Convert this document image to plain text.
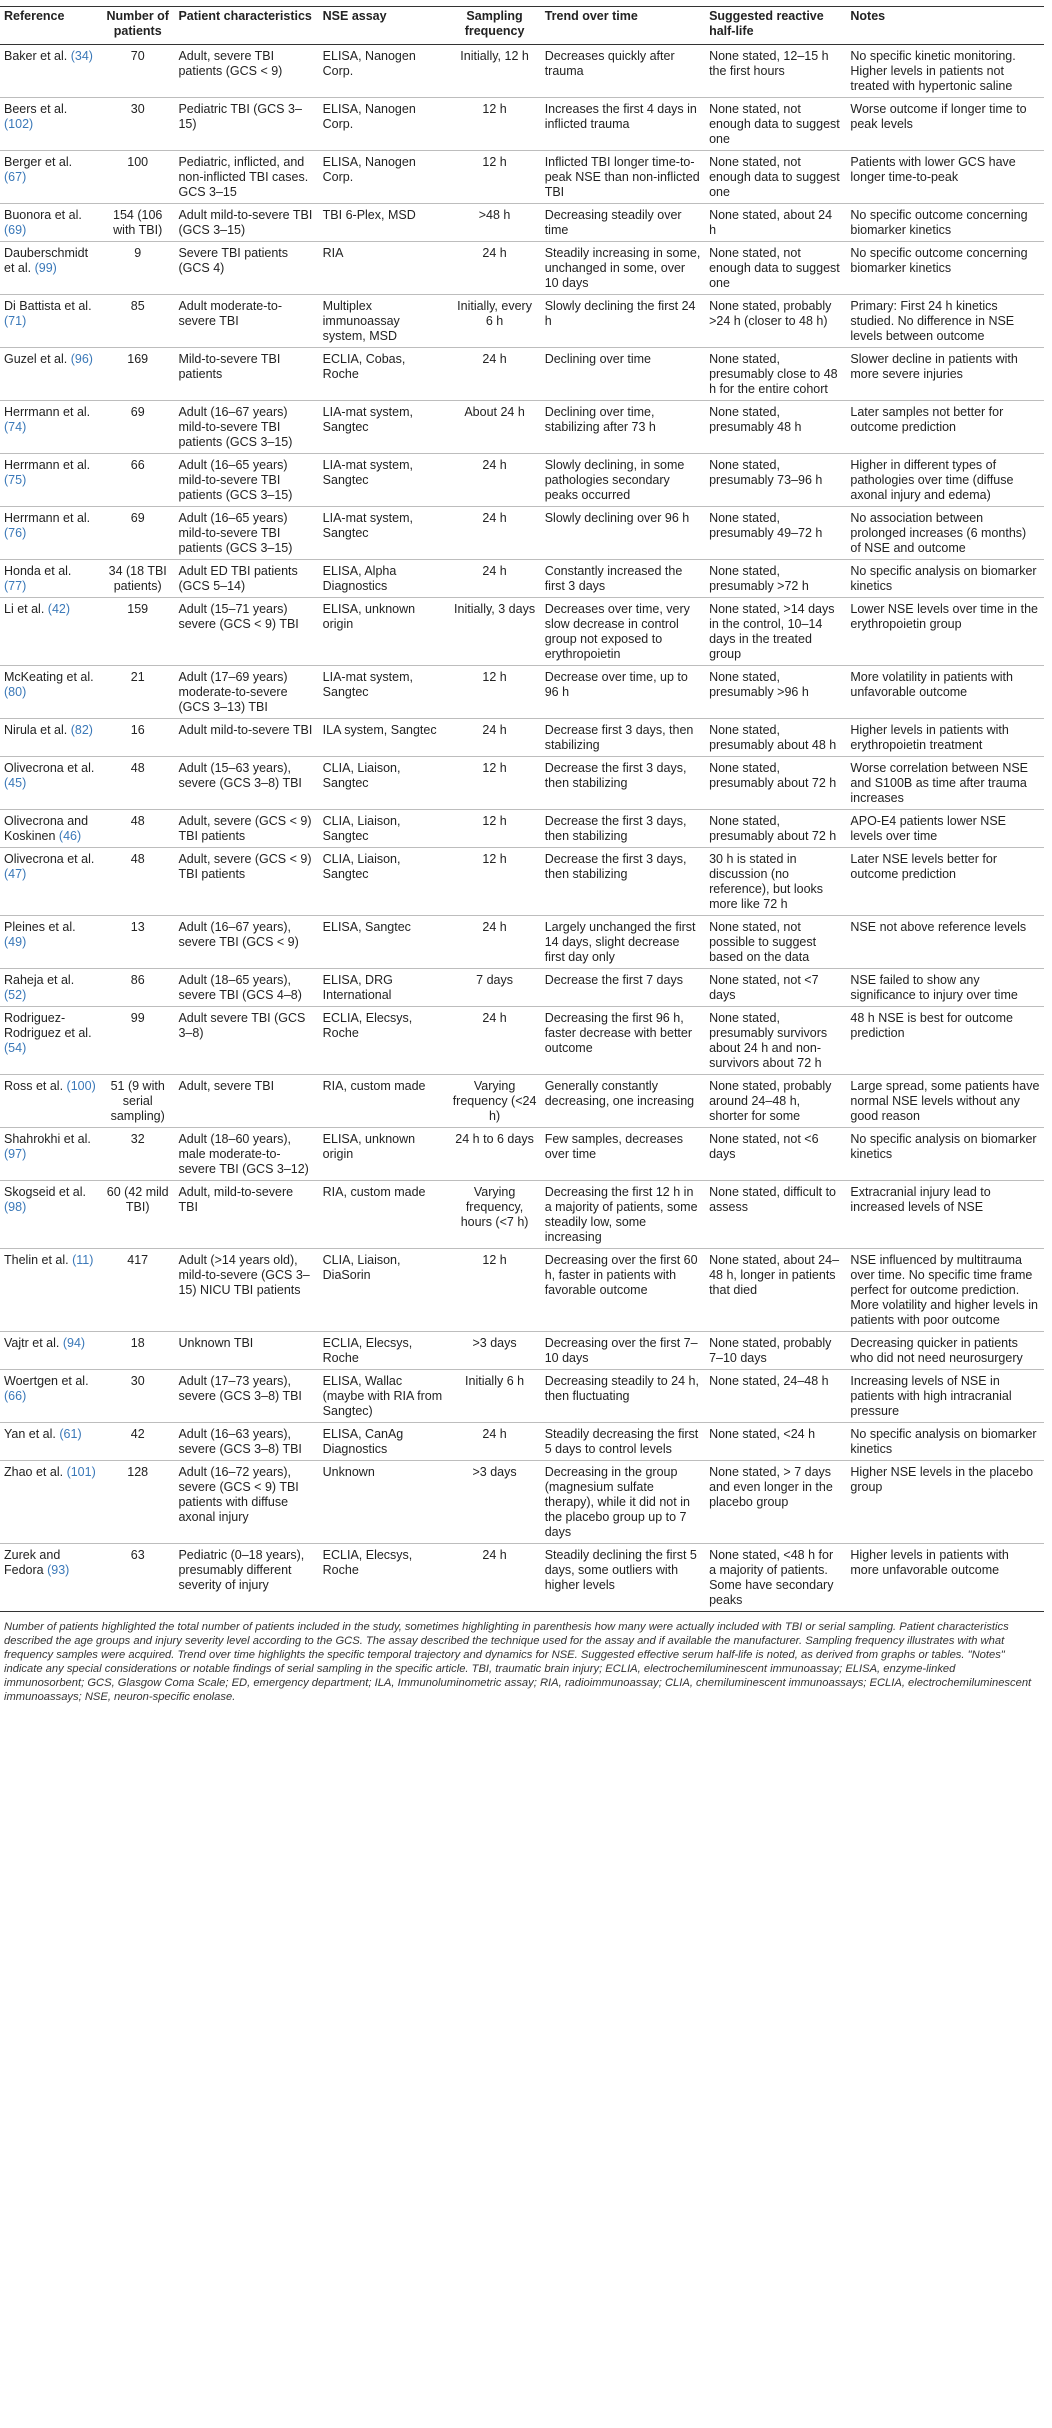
Reference	Number of patients	Patient characteristics	NSE assay	Sampling frequency	Trend over time	Suggested reactive half-life	Notes
Baker et al. (34)	70	Adult, severe TBI patients (GCS < 9)	ELISA, Nanogen Corp.	Initially, 12 h	Decreases quickly after trauma	None stated, 12–15 h the first hours	No specific kinetic monitoring. Higher levels in patients not treated with hypertonic saline
Beers et al. (102)	30	Pediatric TBI (GCS 3–15)	ELISA, Nanogen Corp.	12 h	Increases the first 4 days in inflicted trauma	None stated, not enough data to suggest one	Worse outcome if longer time to peak levels
Berger et al. (67)	100	Pediatric, inflicted, and non-inflicted TBI cases. GCS 3–15	ELISA, Nanogen Corp.	12 h	Inflicted TBI longer time-to-peak NSE than non-inflicted TBI	None stated, not enough data to suggest one	Patients with lower GCS have longer time-to-peak
Buonora et al. (69)	154 (106 with TBI)	Adult mild-to-severe TBI (GCS 3–15)	TBI 6-Plex, MSD	>48 h	Decreasing steadily over time	None stated, about 24 h	No specific outcome concerning biomarker kinetics
Dauberschmidt et al. (99)	9	Severe TBI patients (GCS 4)	RIA	24 h	Steadily increasing in some, unchanged in some, over 10 days	None stated, not enough data to suggest one	No specific outcome concerning biomarker kinetics
Di Battista et al. (71)	85	Adult moderate-to-severe TBI	Multiplex immunoassay system, MSD	Initially, every 6 h	Slowly declining the first 24 h	None stated, probably >24 h (closer to 48 h)	Primary: First 24 h kinetics studied. No difference in NSE levels between outcome
Guzel et al. (96)	169	Mild-to-severe TBI patients	ECLIA, Cobas, Roche	24 h	Declining over time	None stated, presumably close to 48 h for the entire cohort	Slower decline in patients with more severe injuries
Herrmann et al. (74)	69	Adult (16–67 years) mild-to-severe TBI patients (GCS 3–15)	LIA-mat system, Sangtec	About 24 h	Declining over time, stabilizing after 73 h	None stated, presumably 48 h	Later samples not better for outcome prediction
Herrmann et al. (75)	66	Adult (16–65 years) mild-to-severe TBI patients (GCS 3–15)	LIA-mat system, Sangtec	24 h	Slowly declining, in some pathologies secondary peaks occurred	None stated, presumably 73–96 h	Higher in different types of pathologies over time (diffuse axonal injury and edema)
Herrmann et al. (76)	69	Adult (16–65 years) mild-to-severe TBI patients (GCS 3–15)	LIA-mat system, Sangtec	24 h	Slowly declining over 96 h	None stated, presumably 49–72 h	No association between prolonged increases (6 months) of NSE and outcome
Honda et al. (77)	34 (18 TBI patients)	Adult ED TBI patients (GCS 5–14)	ELISA, Alpha Diagnostics	24 h	Constantly increased the first 3 days	None stated, presumably >72 h	No specific analysis on biomarker kinetics
Li et al. (42)	159	Adult (15–71 years) severe (GCS < 9) TBI	ELISA, unknown origin	Initially, 3 days	Decreases over time, very slow decrease in control group not exposed to erythropoietin	None stated, >14 days in the control, 10–14 days in the treated group	Lower NSE levels over time in the erythropoietin group
McKeating et al. (80)	21	Adult (17–69 years) moderate-to-severe (GCS 3–13) TBI	LIA-mat system, Sangtec	12 h	Decrease over time, up to 96 h	None stated, presumably >96 h	More volatility in patients with unfavorable outcome
Nirula et al. (82)	16	Adult mild-to-severe TBI	ILA system, Sangtec	24 h	Decrease first 3 days, then stabilizing	None stated, presumably about 48 h	Higher levels in patients with erythropoietin treatment
Olivecrona et al. (45)	48	Adult (15–63 years), severe (GCS 3–8) TBI	CLIA, Liaison, Sangtec	12 h	Decrease the first 3 days, then stabilizing	None stated, presumably about 72 h	Worse correlation between NSE and S100B as time after trauma increases
Olivecrona and Koskinen (46)	48	Adult, severe (GCS < 9) TBI patients	CLIA, Liaison, Sangtec	12 h	Decrease the first 3 days, then stabilizing	None stated, presumably about 72 h	APO-E4 patients lower NSE levels over time
Olivecrona et al. (47)	48	Adult, severe (GCS < 9) TBI patients	CLIA, Liaison, Sangtec	12 h	Decrease the first 3 days, then stabilizing	30 h is stated in discussion (no reference), but looks more like 72 h	Later NSE levels better for outcome prediction
Pleines et al. (49)	13	Adult (16–67 years), severe TBI (GCS < 9)	ELISA, Sangtec	24 h	Largely unchanged the first 14 days, slight decrease first day only	None stated, not possible to suggest based on the data	NSE not above reference levels
Raheja et al. (52)	86	Adult (18–65 years), severe TBI (GCS 4–8)	ELISA, DRG International	7 days	Decrease the first 7 days	None stated, not <7 days	NSE failed to show any significance to injury over time
Rodriguez-Rodriguez et al. (54)	99	Adult severe TBI (GCS 3–8)	ECLIA, Elecsys, Roche	24 h	Decreasing the first 96 h, faster decrease with better outcome	None stated, presumably survivors about 24 h and non-survivors about 72 h	48 h NSE is best for outcome prediction
Ross et al. (100)	51 (9 with serial sampling)	Adult, severe TBI	RIA, custom made	Varying frequency (<24 h)	Generally constantly decreasing, one increasing	None stated, probably around 24–48 h, shorter for some	Large spread, some patients have normal NSE levels without any good reason
Shahrokhi et al. (97)	32	Adult (18–60 years), male moderate-to-severe TBI (GCS 3–12)	ELISA, unknown origin	24 h to 6 days	Few samples, decreases over time	None stated, not <6 days	No specific analysis on biomarker kinetics
Skogseid et al. (98)	60 (42 mild TBI)	Adult, mild-to-severe TBI	RIA, custom made	Varying frequency, hours (<7 h)	Decreasing the first 12 h in a majority of patients, some steadily low, some increasing	None stated, difficult to assess	Extracranial injury lead to increased levels of NSE
Thelin et al. (11)	417	Adult (>14 years old), mild-to-severe (GCS 3–15) NICU TBI patients	CLIA, Liaison, DiaSorin	12 h	Decreasing over the first 60 h, faster in patients with favorable outcome	None stated, about 24–48 h, longer in patients that died	NSE influenced by multitrauma over time. No specific time frame perfect for outcome prediction. More volatility and higher levels in patients with poor outcome
Vajtr et al. (94)	18	Unknown TBI	ECLIA, Elecsys, Roche	>3 days	Decreasing over the first 7–10 days	None stated, probably 7–10 days	Decreasing quicker in patients who did not need neurosurgery
Woertgen et al. (66)	30	Adult (17–73 years), severe (GCS 3–8) TBI	ELISA, Wallac (maybe with RIA from Sangtec)	Initially 6 h	Decreasing steadily to 24 h, then fluctuating	None stated, 24–48 h	Increasing levels of NSE in patients with high intracranial pressure
Yan et al. (61)	42	Adult (16–63 years), severe (GCS 3–8) TBI	ELISA, CanAg Diagnostics	24 h	Steadily decreasing the first 5 days to control levels	None stated, <24 h	No specific analysis on biomarker kinetics
Zhao et al. (101)	128	Adult (16–72 years), severe (GCS < 9) TBI patients with diffuse axonal injury	Unknown	>3 days	Decreasing in the group (magnesium sulfate therapy), while it did not in the placebo group up to 7 days	None stated, > 7 days and even longer in the placebo group	Higher NSE levels in the placebo group
Zurek and Fedora (93)	63	Pediatric (0–18 years), presumably different severity of injury	ECLIA, Elecsys, Roche	24 h	Steadily declining the first 5 days, some outliers with higher levels	None stated, <48 h for a majority of patients. Some have secondary peaks	Higher levels in patients with more unfavorable outcome
Number of patients highlighted the total number of patients included in the study, sometimes highlighting in parenthesis how many were actually included with TBI or serial sampling. Patient characteristics described the age groups and injury severity level according to the GCS. The assay described the technique used for the assay and if available the manufacturer. Sampling frequency illustrates with what frequency samples were acquired. Trend over time highlights the specific temporal trajectory and dynamics for NSE. Suggested effective serum half-life is noted, as derived from graphs or tables. "Notes" indicate any special considerations or notable findings of serial sampling in the specific article. TBI, traumatic brain injury; ECLIA, electrochemiluminescent immunoassay; ELISA, enzyme-linked immunosorbent; GCS, Glasgow Coma Scale; ED, emergency department; ILA, Immunoluminometric assay; RIA, radioimmunoassay; CLIA, chemiluminescent immunoassays; ECLIA, electrochemiluminescent immunoassays; NSE, neuron-specific enolase.
